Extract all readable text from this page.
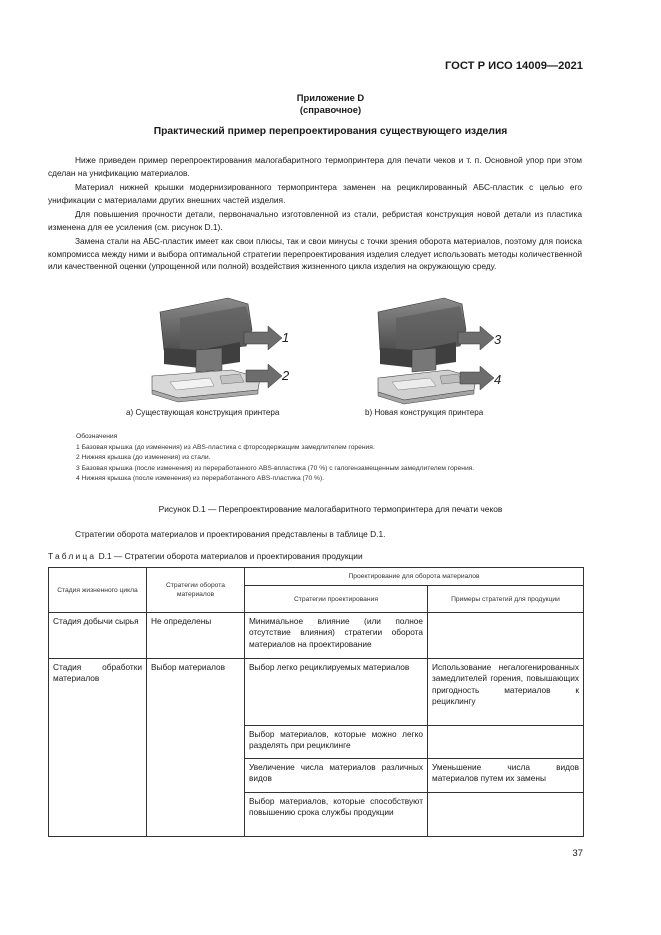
ГОСТ Р ИСО 14009—2021
Приложение D
(справочное)
Практический пример перепроектирования существующего изделия
Ниже приведен пример перепроектирования малогабаритного термопринтера для печати чеков и т. п. Основной упор при этом сделан на унификацию материалов.
Материал нижней крышки модернизированного термопринтера заменен на рециклированный АБС-пластик с целью его унификации с материалами других внешних частей изделия.
Для повышения прочности детали, первоначально изготовленной из стали, ребристая конструкция новой детали из пластика изменена для ее усиления (см. рисунок D.1).
Замена стали на АБС-пластик имеет как свои плюсы, так и свои минусы с точки зрения оборота материалов, поэтому для поиска компромисса между ними и выбора оптимальной стратегии перепроектирования изделия следует использовать методы количественной или качественной оценки (упрощенной или полной) воздействия жизненного цикла изделия на окружающую среду.
1
2
3
4
а) Существующая конструкция принтера	b) Новая конструкция принтера
Обозначения
1 Базовая крышка (до изменения) из ABS-пластика с фторсодержащим замедлителем горения.
2 Нижняя крышка (до изменения) из стали.
3 Базовая крышка (после изменения) из переработанного ABS-впластика (70 %) с галогензамещенным замедлителем горения.
4 Нижняя крышка (после изменения) из переработанного ABS-пластика (70 %).
Рисунок D.1 — Перепроектирование малогабаритного термопринтера для печати чеков
Стратегии оборота материалов и проектирования представлены в таблице D.1.
Таблица D.1 — Стратегии оборота материалов и проектирования продукции
Стадия жизненного цикла	Стратегии оборота материалов	Проектирование для оборота материалов	
		Стратегии проектирования	Примеры стратегий для продукции
Стадия добычи сырья	Не определены	Минимальное влияние (или полное отсутствие влияния) стратегии оборота материалов на проектирование	
Стадия обработки материалов	Выбор материалов	Выбор легко рециклируемых материалов	Использование негалогенированных замедлителей горения, повышающих пригодность материалов к рециклингу
		Выбор материалов, которые можно легко разделять при рециклинге	
		Увеличение числа материалов различных видов	Уменьшение числа видов материалов путем их замены
		Выбор материалов, которые способствуют повышению срока службы продукции	
37
